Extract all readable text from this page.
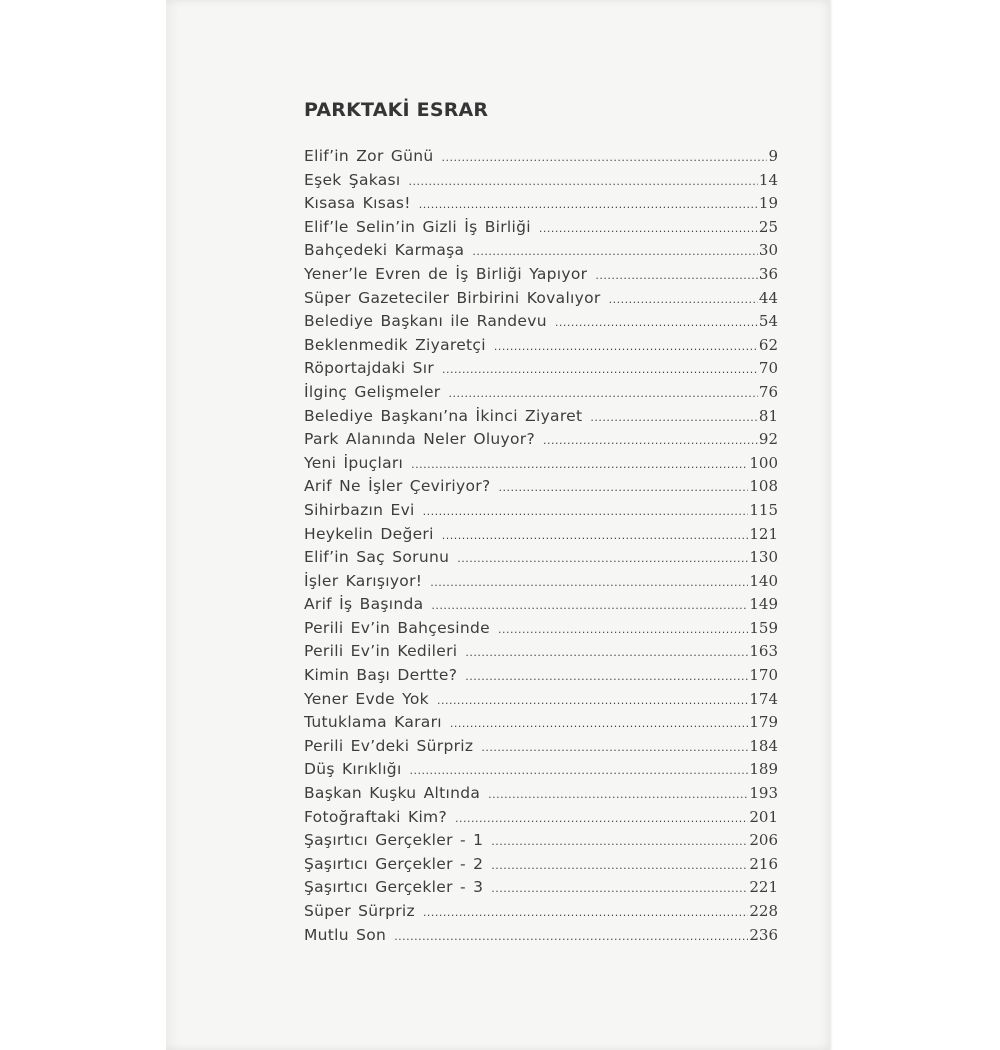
PARKTAKİ ESRAR
Elif’in Zor Günü .....	9
Eşek Şakası .....	14
Kısasa Kısas! .....	19
Elif’le Selin’in Gizli İş Birliği .....	25
Bahçedeki Karmaşa .....	30
Yener’le Evren de İş Birliği Yapıyor .....	36
Süper Gazeteciler Birbirini Kovalıyor .....	44
Belediye Başkanı ile Randevu .....	54
Beklenmedik Ziyaretçi .....	62
Röportajdaki Sır .....	70
İlginç Gelişmeler .....	76
Belediye Başkanı’na İkinci Ziyaret .....	81
Park Alanında Neler Oluyor? .....	92
Yeni İpuçları .....	100
Arif Ne İşler Çeviriyor? .....	108
Sihirbazın Evi .....	115
Heykelin Değeri .....	121
Elif’in Saç Sorunu .....	130
İşler Karışıyor! .....	140
Arif İş Başında .....	149
Perili Ev’in Bahçesinde .....	159
Perili Ev’in Kedileri .....	163
Kimin Başı Dertte? .....	170
Yener Evde Yok .....	174
Tutuklama Kararı .....	179
Perili Ev’deki Sürpriz .....	184
Düş Kırıklığı .....	189
Başkan Kuşku Altında .....	193
Fotoğraftaki Kim? .....	201
Şaşırtıcı Gerçekler - 1 .....	206
Şaşırtıcı Gerçekler - 2 .....	216
Şaşırtıcı Gerçekler - 3 .....	221
Süper Sürpriz .....	228
Mutlu Son .....	236
